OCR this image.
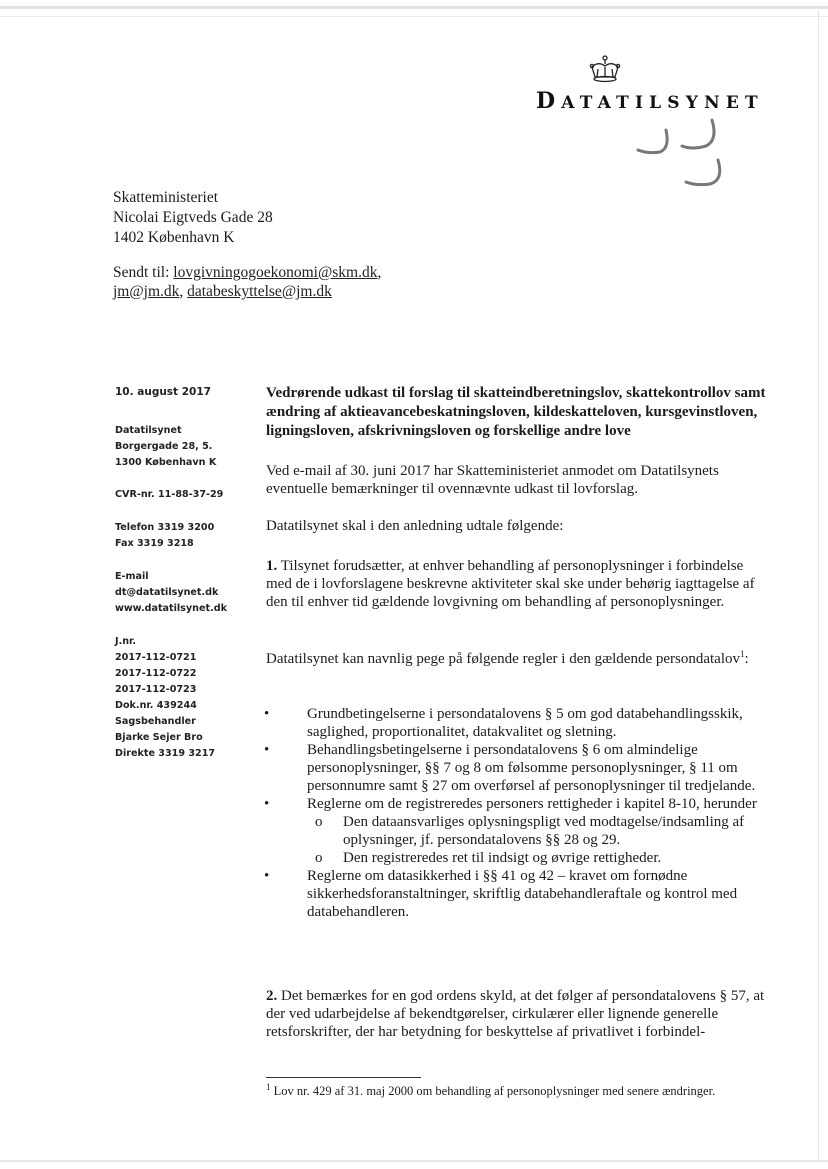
DATATILSYNET
Skatteministeriet
Nicolai Eigtveds Gade 28
1402 København K
Sendt til: lovgivningogoekonomi@skm.dk,
jm@jm.dk, databeskyttelse@jm.dk
10. august 2017
Datatilsynet
Borgergade 28, 5.
1300 København K
CVR-nr. 11-88-37-29
Telefon 3319 3200
Fax 3319 3218
E-mail
dt@datatilsynet.dk
www.datatilsynet.dk
J.nr.
2017-112-0721
2017-112-0722
2017-112-0723
Dok.nr. 439244
Sagsbehandler
Bjarke Sejer Bro
Direkte 3319 3217
Vedrørende udkast til forslag til skatteindberetningslov, skattekontrollov samt ændring af aktieavancebeskatningsloven, kildeskatteloven, kursgevinstloven, ligningsloven, afskrivningsloven og forskellige andre love

Ved e-mail af 30. juni 2017 har Skatteministeriet anmodet om Datatilsynets eventuelle bemærkninger til ovennævnte udkast til lovforslag.

Datatilsynet skal i den anledning udtale følgende:

1. Tilsynet forudsætter, at enhver behandling af personoplysninger i forbindelse med de i lovforslagene beskrevne aktiviteter skal ske under behørig iagttagelse af den til enhver tid gældende lovgivning om behandling af personoplysninger.

Datatilsynet kan navnlig pege på følgende regler i den gældende persondatalov$^1$:

• Grundbetingelserne i persondatalovens § 5 om god databehandlingsskik, saglighed, proportionalitet, datakvalitet og sletning.
• Behandlingsbetingelserne i persondatalovens § 6 om almindelige personoplysninger, §§ 7 og 8 om følsomme personoplysninger, § 11 om personnumre samt § 27 om overførsel af personoplysninger til tredjelande.
• Reglerne om de registreredes personers rettigheder i kapitel 8-10, herunder
o Den dataansvarliges oplysningspligt ved modtagelse/indsamling af oplysninger, jf. persondatalovens §§ 28 og 29.
o Den registreredes ret til indsigt og øvrige rettigheder.
• Reglerne om datasikkerhed i §§ 41 og 42 – kravet om fornødne sikkerhedsforanstaltninger, skriftlig databehandleraftale og kontrol med databehandleren.

2. Det bemærkes for en god ordens skyld, at det følger af persondatalovens § 57, at der ved udarbejdelse af bekendtgørelser, cirkulærer eller lignende generelle retsforskrifter, der har betydning for beskyttelse af privatlivet i forbindel-

$^1$ Lov nr. 429 af 31. maj 2000 om behandling af personoplysninger med senere ændringer.
